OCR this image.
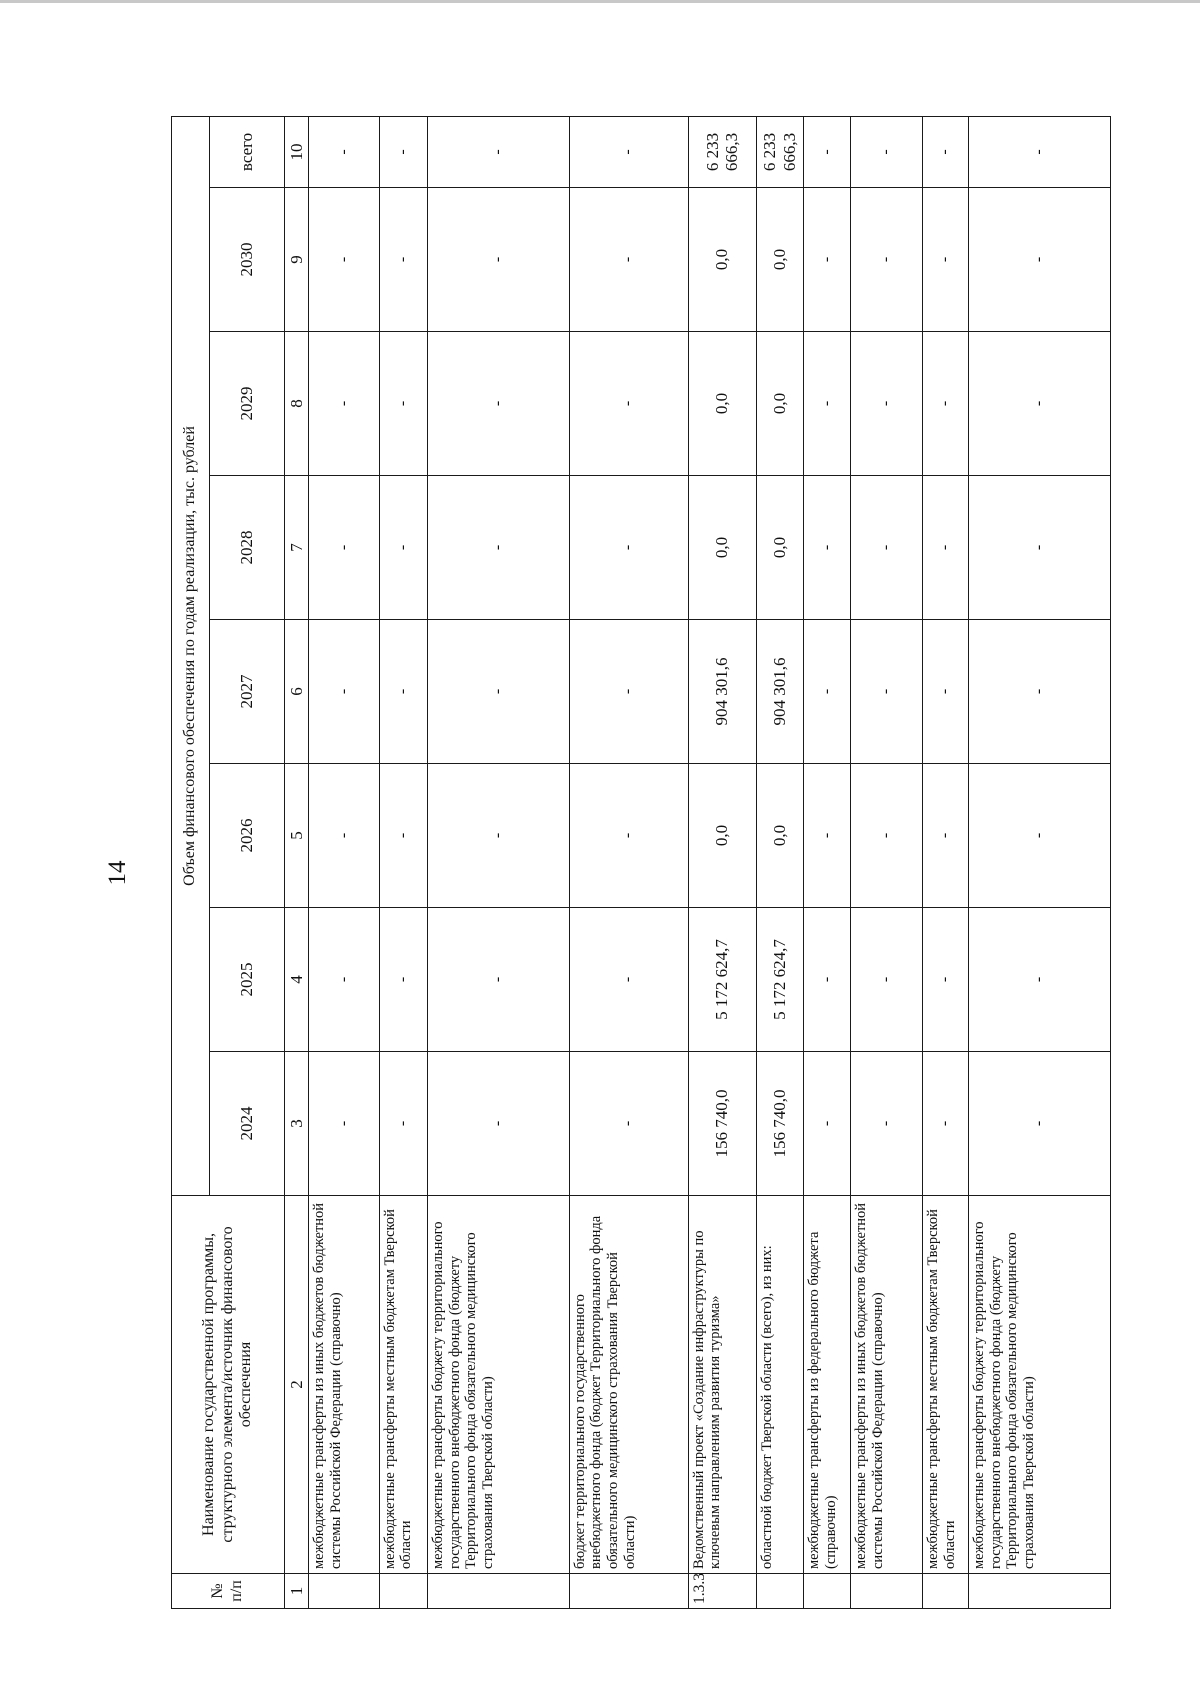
14
№ п/п	Наименование государственной программы, структурного элемента/источник финансового обеспечения	Объем финансового обеспечения по годам реализации, тыс. рублей							
		2024	2025	2026	2027	2028	2029	2030	всего
1	2	3	4	5	6	7	8	9	10
	межбюджетные трансферты из иных бюджетов бюджетной системы Российской Федерации (справочно)	-	-	-	-	-	-	-	-
	межбюджетные трансферты местным бюджетам Тверской области	-	-	-	-	-	-	-	-
	межбюджетные трансферты бюджету территориального государственного внебюджетного фонда (бюджету Территориального фонда обязательного медицинского страхования Тверской области)	-	-	-	-	-	-	-	-
	бюджет территориального государственного внебюджетного фонда (бюджет Территориального фонда обязательного медицинского страхования Тверской области)	-	-	-	-	-	-	-	-
1.3.3	Ведомственный проект «Создание инфраструктуры по ключевым направлениям развития туризма»	156 740,0	5 172 624,7	0,0	904 301,6	0,0	0,0	0,0	6 233 666,3
	областной бюджет Тверской области (всего), из них:	156 740,0	5 172 624,7	0,0	904 301,6	0,0	0,0	0,0	6 233 666,3
	межбюджетные трансферты из федерального бюджета (справочно)	-	-	-	-	-	-	-	-
	межбюджетные трансферты из иных бюджетов бюджетной системы Российской Федерации (справочно)	-	-	-	-	-	-	-	-
	межбюджетные трансферты местным бюджетам Тверской области	-	-	-	-	-	-	-	-
	межбюджетные трансферты бюджету территориального государственного внебюджетного фонда (бюджету Территориального фонда обязательного медицинского страхования Тверской области)	-	-	-	-	-	-	-	-
